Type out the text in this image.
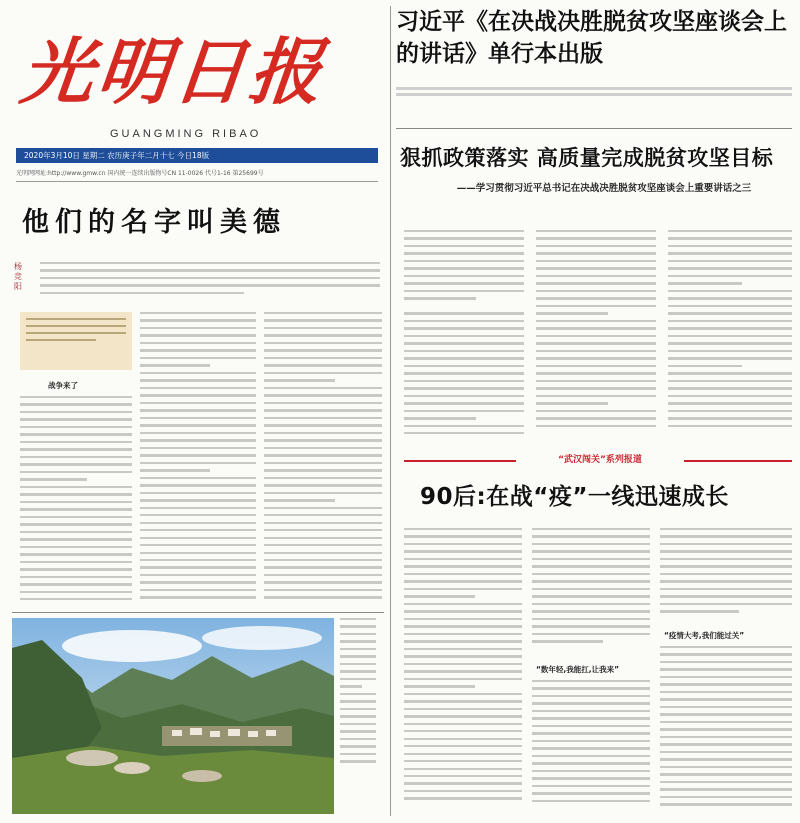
光明日报
GUANGMING RIBAO
2020年3月10日 星期二 农历庚子年二月十七 今日18版
光明网网址:http://www.gmw.cn 国内统一连续出版物号CN 11-0026 代号1-16 第25699号
习近平《在决战决胜脱贫攻坚座谈会上的讲话》单行本出版
狠抓政策落实 高质量完成脱贫攻坚目标
——学习贯彻习近平总书记在决战决胜脱贫攻坚座谈会上重要讲话之三
“武汉闯关”系列报道
90后:在战“疫”一线迅速成长
“数年轻,我能扛,让我来”
“疫情大考,我们能过关”
他们的名字叫美德
杨 竞 阳
战争来了
